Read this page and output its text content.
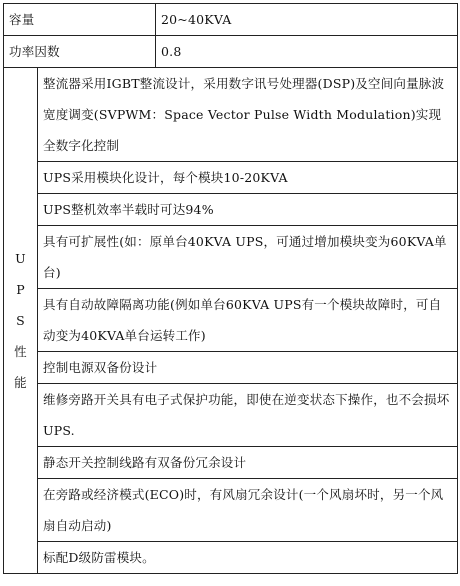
容量		20~40KVA
功率因数		0.8

U
P
S
性
能	整流器采用IGBT整流设计，采用数字讯号处理器(DSP)及空间向量脉波宽度调变(SVPWM：Space Vector Pulse Width Modulation)实现全数字化控制	
	UPS采用模块化设计，每个模块10-20KVA	
	UPS整机效率半载时可达94%	
	具有可扩展性(如：原单台40KVA UPS，可通过增加模块变为60KVA单台)	
	具有自动故障隔离功能(例如单台60KVA UPS有一个模块故障时，可自动变为40KVA单台运转工作)	
	控制电源双备份设计	
	维修旁路开关具有电子式保护功能，即使在逆变状态下操作，也不会损坏UPS.	
	静态开关控制线路有双备份冗余设计	
	在旁路或经济模式(ECO)时，有风扇冗余设计(一个风扇坏时，另一个风扇自动启动)	
	标配D级防雷模块。	
